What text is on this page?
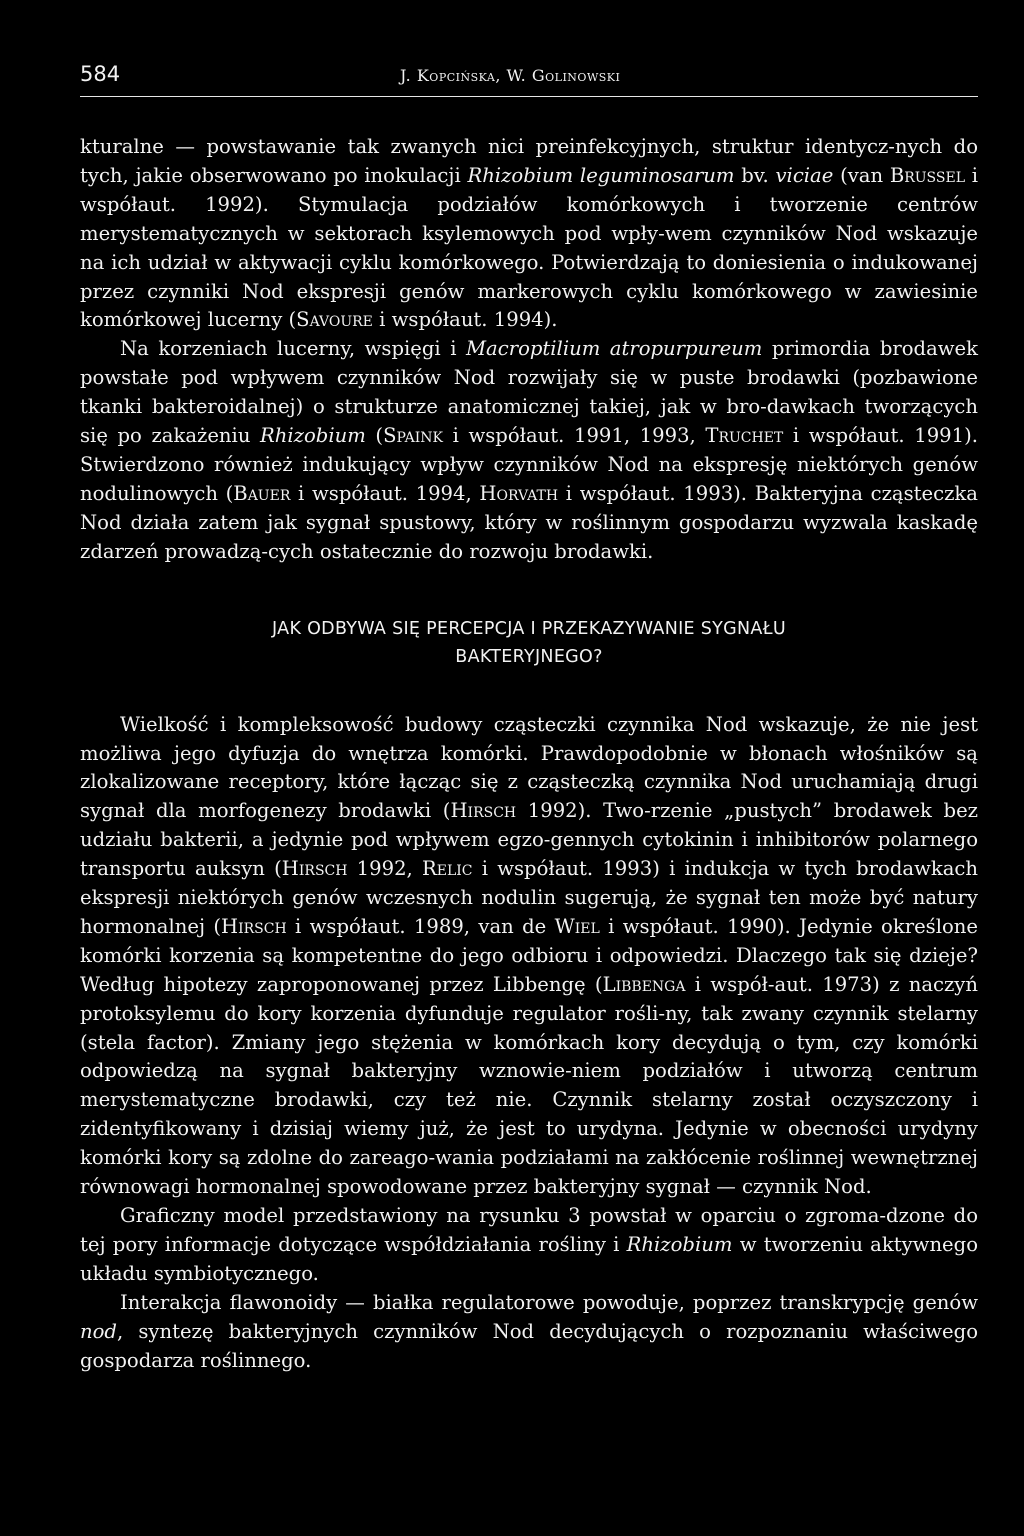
584	J. Kopcińska, W. Golinowski

kturalne — powstawanie tak zwanych nici preinfekcyjnych, struktur identycz-nych do tych, jakie obserwowano po inokulacji Rhizobium leguminosarum bv. viciae (van Brussel i współaut. 1992). Stymulacja podziałów komórkowych i tworzenie centrów merystematycznych w sektorach ksylemowych pod wpły-wem czynników Nod wskazuje na ich udział w aktywacji cyklu komórkowego. Potwierdzają to doniesienia o indukowanej przez czynniki Nod ekspresji genów markerowych cyklu komórkowego w zawiesinie komórkowej lucerny (Savoure i współaut. 1994).

Na korzeniach lucerny, wspięgi i Macroptilium atropurpureum primordia brodawek powstałe pod wpływem czynników Nod rozwijały się w puste brodawki (pozbawione tkanki bakteroidalnej) o strukturze anatomicznej takiej, jak w bro-dawkach tworzących się po zakażeniu Rhizobium (Spaink i współaut. 1991, 1993, Truchet i współaut. 1991). Stwierdzono również indukujący wpływ czynników Nod na ekspresję niektórych genów nodulinowych (Bauer i współaut. 1994, Horvath i współaut. 1993). Bakteryjna cząsteczka Nod działa zatem jak sygnał spustowy, który w roślinnym gospodarzu wyzwala kaskadę zdarzeń prowadzą-cych ostatecznie do rozwoju brodawki.

JAK ODBYWA SIĘ PERCEPCJA I PRZEKAZYWANIE SYGNAŁU
BAKTERYJNEGO?

Wielkość i kompleksowość budowy cząsteczki czynnika Nod wskazuje, że nie jest możliwa jego dyfuzja do wnętrza komórki. Prawdopodobnie w błonach włośników są zlokalizowane receptory, które łącząc się z cząsteczką czynnika Nod uruchamiają drugi sygnał dla morfogenezy brodawki (Hirsch 1992). Two-rzenie „pustych” brodawek bez udziału bakterii, a jedynie pod wpływem egzo-gennych cytokinin i inhibitorów polarnego transportu auksyn (Hirsch 1992, Relic i współaut. 1993) i indukcja w tych brodawkach ekspresji niektórych genów wczesnych nodulin sugerują, że sygnał ten może być natury hormonalnej (Hirsch i współaut. 1989, van de Wiel i współaut. 1990). Jedynie określone komórki korzenia są kompetentne do jego odbioru i odpowiedzi. Dlaczego tak się dzieje? Według hipotezy zaproponowanej przez Libbengę (Libbenga i współ-aut. 1973) z naczyń protoksylemu do kory korzenia dyfunduje regulator rośli-ny, tak zwany czynnik stelarny (stela factor). Zmiany jego stężenia w komórkach kory decydują o tym, czy komórki odpowiedzą na sygnał bakteryjny wznowie-niem podziałów i utworzą centrum merystematyczne brodawki, czy też nie. Czynnik stelarny został oczyszczony i zidentyfikowany i dzisiaj wiemy już, że jest to urydyna. Jedynie w obecności urydyny komórki kory są zdolne do zareago-wania podziałami na zakłócenie roślinnej wewnętrznej równowagi hormonalnej spowodowane przez bakteryjny sygnał — czynnik Nod.

Graficzny model przedstawiony na rysunku 3 powstał w oparciu o zgroma-dzone do tej pory informacje dotyczące współdziałania rośliny i Rhizobium w tworzeniu aktywnego układu symbiotycznego.

Interakcja flawonoidy — białka regulatorowe powoduje, poprzez transkrypcję genów nod, syntezę bakteryjnych czynników Nod decydujących o rozpoznaniu właściwego gospodarza roślinnego.
